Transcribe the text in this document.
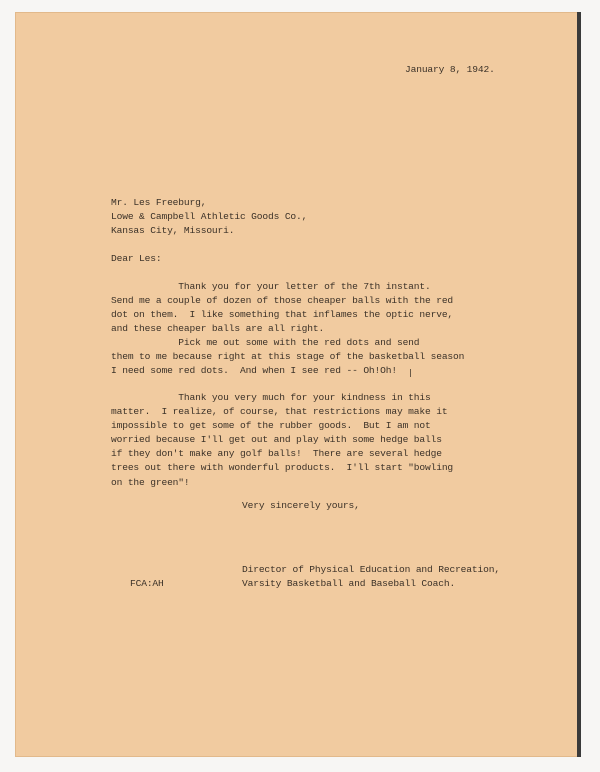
January 8, 1942.
Mr. Les Freeburg,
Lowe & Campbell Athletic Goods Co.,
Kansas City, Missouri.
Dear Les:
Thank you for your letter of the 7th instant.
Send me a couple of dozen of those cheaper balls with the red
dot on them.  I like something that inflames the optic nerve,
and these cheaper balls are all right.
Pick me out some with the red dots and send
them to me because right at this stage of the basketball season
I need some red dots.  And when I see red -- Oh!Oh!
Thank you very much for your kindness in this
matter.  I realize, of course, that restrictions may make it
impossible to get some of the rubber goods.  But I am not
worried because I'll get out and play with some hedge balls
if they don't make any golf balls!  There are several hedge
trees out there with wonderful products.  I'll start "bowling
on the green"!
Very sincerely yours,
Director of Physical Education and Recreation,
Varsity Basketball and Baseball Coach.
FCA:AH
